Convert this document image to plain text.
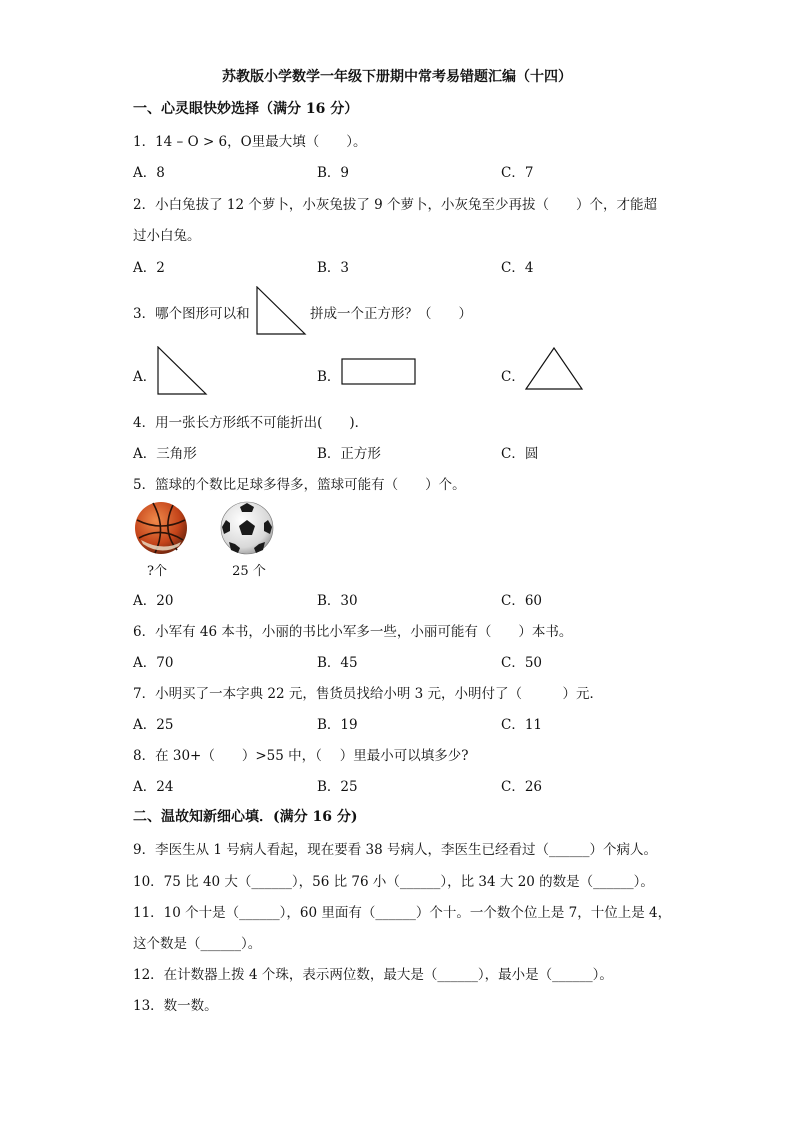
苏教版小学数学一年级下册期中常考易错题汇编（十四）
一、心灵眼快妙选择（满分 16 分）
1．14 – O > 6，O里最大填（　　）。
A．8	B．9	C．7
2．小白兔拔了 12 个萝卜，小灰兔拔了 9 个萝卜，小灰兔至少再拔（　　）个，才能超
过小白兔。
A．2	B．3	C．4
3．哪个图形可以和	拼成一个正方形？（　　）
A．	B．	C．
4．用一张长方形纸不可能折出(　　)．
A．三角形	B．正方形	C．圆
5．篮球的个数比足球多得多，篮球可能有（　　）个。
?个	25 个
A．20	B．30	C．60
6．小军有 46 本书，小丽的书比小军多一些，小丽可能有（　　）本书。
A．70	B．45	C．50
7．小明买了一本字典 22 元，售货员找给小明 3 元，小明付了（　　　）元．
A．25	B．19	C．11
8．在 30+（　　）>55 中，（　 ）里最小可以填多少?
A．24	B．25	C．26
二、温故知新细心填．(满分 16 分)
9．李医生从 1 号病人看起，现在要看 38 号病人，李医生已经看过（______）个病人。
10．75 比 40 大（______），56 比 76 小（______），比 34 大 20 的数是（______）。
11．10 个十是（______），60 里面有（______）个十。一个数个位上是 7，十位上是 4，
这个数是（______）。
12．在计数器上拨 4 个珠，表示两位数，最大是（______），最小是（______）。
13．数一数。
